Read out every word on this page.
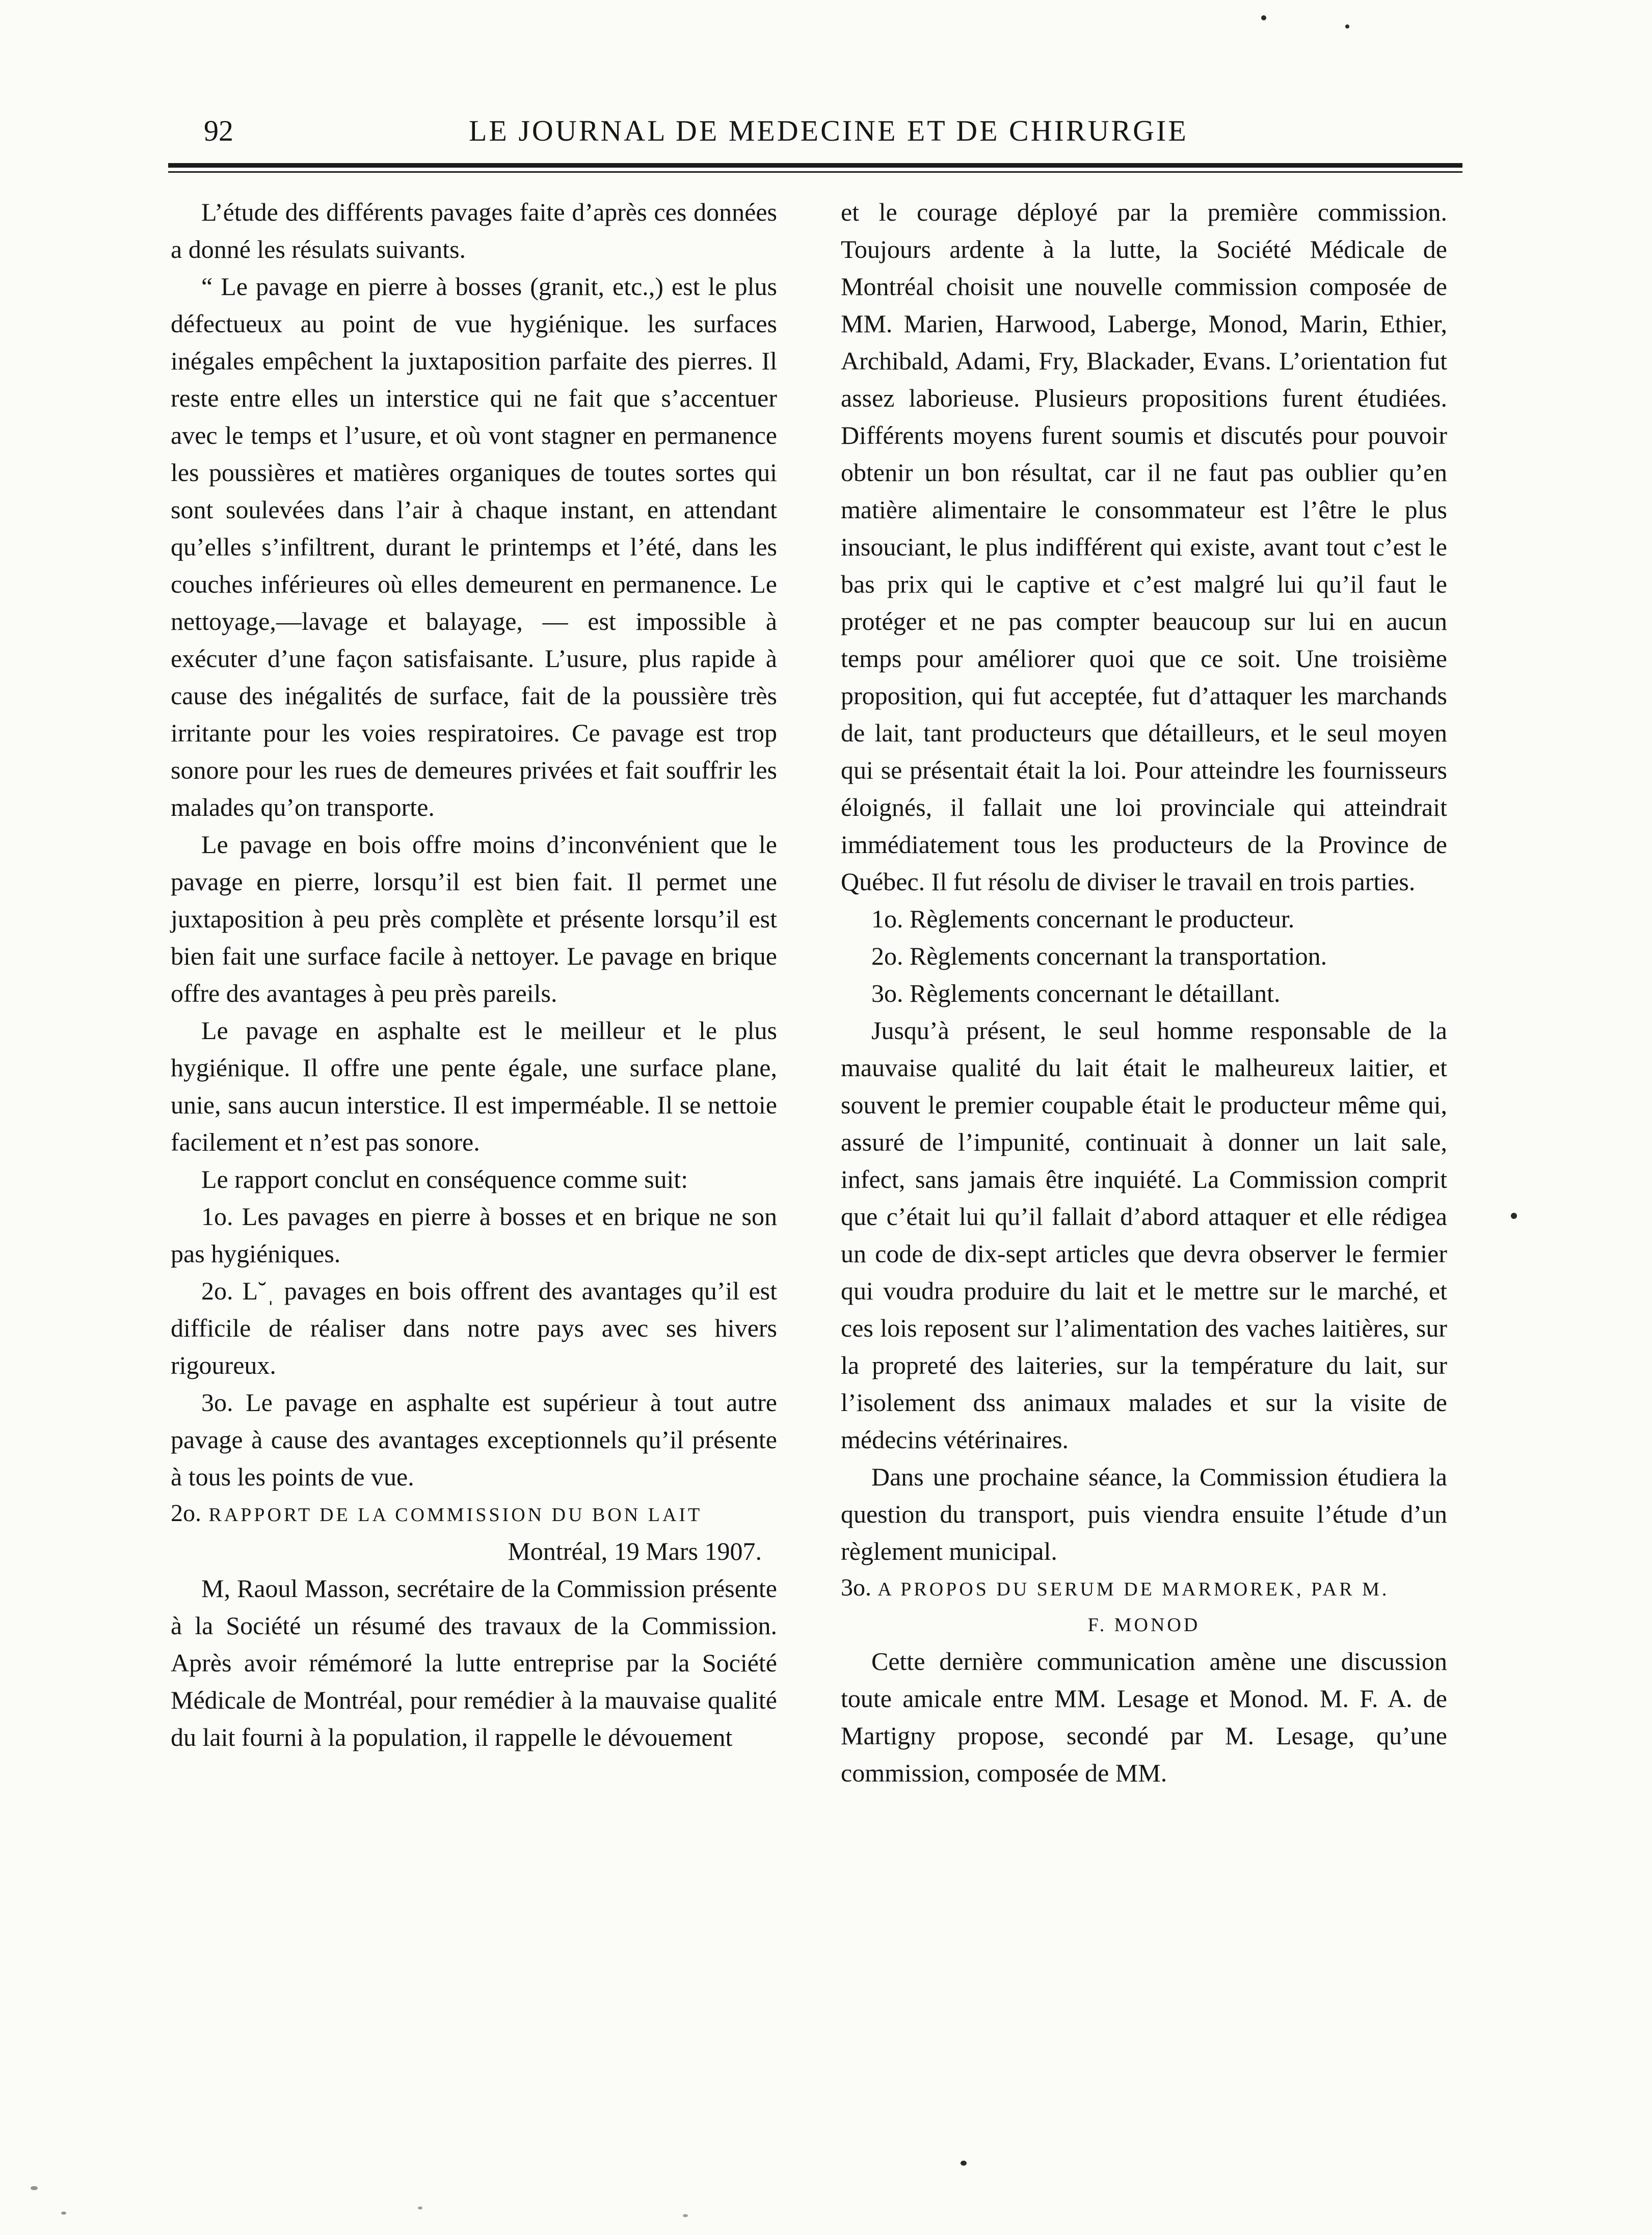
92	LE JOURNAL DE MEDECINE ET DE CHIRURGIE

L’étude des différents pavages faite d’après ces données a donné les résulats suivants.

“ Le pavage en pierre à bosses (granit, etc.,) est le plus défectueux au point de vue hygiénique. les surfaces inégales empêchent la juxtaposition parfaite des pierres. Il reste entre elles un interstice qui ne fait que s’accentuer avec le temps et l’usure, et où vont stagner en permanence les poussières et matières organiques de toutes sortes qui sont soulevées dans l’air à chaque instant, en attendant qu’elles s’infiltrent, durant le printemps et l’été, dans les couches inférieures où elles demeurent en permanence. Le nettoyage,—lavage et balayage, — est impossible à exécuter d’une façon satisfaisante. L’usure, plus rapide à cause des inégalités de surface, fait de la poussière très irritante pour les voies respiratoires. Ce pavage est trop sonore pour les rues de demeures privées et fait souffrir les malades qu’on transporte.

Le pavage en bois offre moins d’inconvénient que le pavage en pierre, lorsqu’il est bien fait. Il permet une juxtaposition à peu près complète et présente lorsqu’il est bien fait une surface facile à nettoyer. Le pavage en brique offre des avantages à peu près pareils.

Le pavage en asphalte est le meilleur et le plus hygiénique. Il offre une pente égale, une surface plane, unie, sans aucun interstice. Il est imperméable. Il se nettoie facilement et n’est pas sonore.

Le rapport conclut en conséquence comme suit:

1o. Les pavages en pierre à bosses et en brique ne son pas hygiéniques.

2o. L˘ˌ pavages en bois offrent des avantages qu’il est difficile de réaliser dans notre pays avec ses hivers rigoureux.

3o. Le pavage en asphalte est supérieur à tout autre pavage à cause des avantages exceptionnels qu’il présente à tous les points de vue.

2o. RAPPORT DE LA COMMISSION DU BON LAIT

Montréal, 19 Mars 1907.

M, Raoul Masson, secrétaire de la Commission présente à la Société un résumé des travaux de la Commission. Après avoir rémémoré la lutte entreprise par la Société Médicale de Montréal, pour remédier à la mauvaise qualité du lait fourni à la population, il rappelle le dévouement

et le courage déployé par la première commission. Toujours ardente à la lutte, la Société Médicale de Montréal choisit une nouvelle commission composée de MM. Marien, Harwood, Laberge, Monod, Marin, Ethier, Archibald, Adami, Fry, Blackader, Evans. L’orientation fut assez laborieuse. Plusieurs propositions furent étudiées. Différents moyens furent soumis et discutés pour pouvoir obtenir un bon résultat, car il ne faut pas oublier qu’en matière alimentaire le consommateur est l’être le plus insouciant, le plus indifférent qui existe, avant tout c’est le bas prix qui le captive et c’est malgré lui qu’il faut le protéger et ne pas compter beaucoup sur lui en aucun temps pour améliorer quoi que ce soit. Une troisième proposition, qui fut acceptée, fut d’attaquer les marchands de lait, tant producteurs que détailleurs, et le seul moyen qui se présentait était la loi. Pour atteindre les fournisseurs éloignés, il fallait une loi provinciale qui atteindrait immédiatement tous les producteurs de la Province de Québec. Il fut résolu de diviser le travail en trois parties.

1o. Règlements concernant le producteur.

2o. Règlements concernant la transportation.

3o. Règlements concernant le détaillant.

Jusqu’à présent, le seul homme responsable de la mauvaise qualité du lait était le malheureux laitier, et souvent le premier coupable était le producteur même qui, assuré de l’impunité, continuait à donner un lait sale, infect, sans jamais être inquiété. La Commission comprit que c’était lui qu’il fallait d’abord attaquer et elle rédigea un code de dix-sept articles que devra observer le fermier qui voudra produire du lait et le mettre sur le marché, et ces lois reposent sur l’alimentation des vaches laitières, sur la propreté des laiteries, sur la température du lait, sur l’isolement dss animaux malades et sur la visite de médecins vétérinaires.

Dans une prochaine séance, la Commission étudiera la question du transport, puis viendra ensuite l’étude d’un règlement municipal.

3o. A PROPOS DU SERUM DE MARMOREK, PAR M.

F. MONOD

Cette dernière communication amène une discussion toute amicale entre MM. Lesage et Monod. M. F. A. de Martigny propose, secondé par M. Lesage, qu’une commission, composée de MM.
